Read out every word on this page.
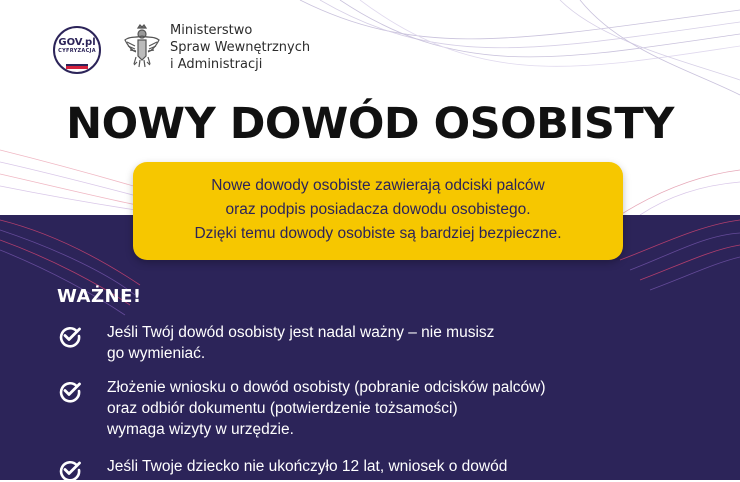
GOV.pl
CYFRYZACJA
Ministerstwo
Spraw Wewnętrznych
i Administracji
NOWY DOWÓD OSOBISTY
Nowe dowody osobiste zawierają odciski palców
oraz podpis posiadacza dowodu osobistego.
Dzięki temu dowody osobiste są bardziej bezpieczne.
WAŻNE!
Jeśli Twój dowód osobisty jest nadal ważny – nie musisz
go wymieniać.
Złożenie wniosku o dowód osobisty (pobranie odcisków palców)
oraz odbiór dokumentu (potwierdzenie tożsamości)
wymaga wizyty w urzędzie.
Jeśli Twoje dziecko nie ukończyło 12 lat, wniosek o dowód
